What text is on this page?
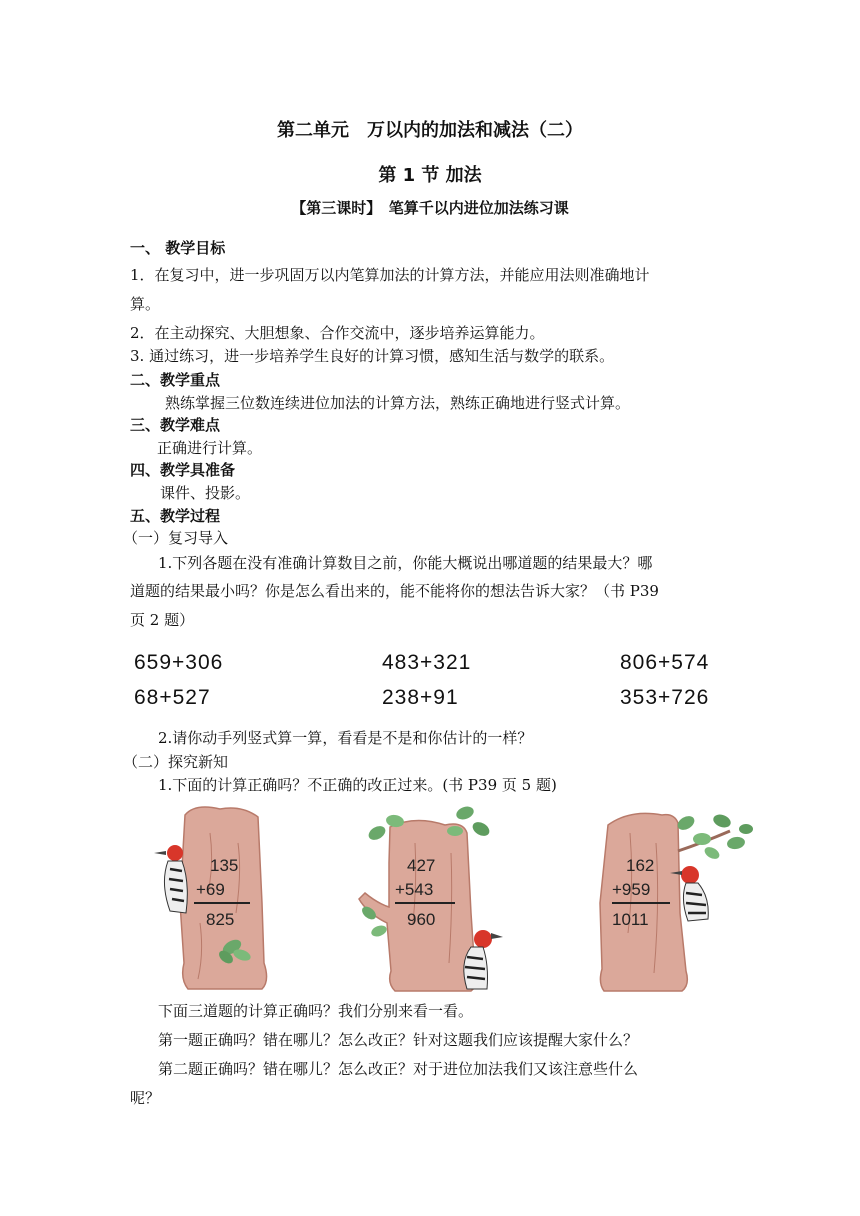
第二单元　万以内的加法和减法（二）
第 1 节 加法
【第三课时】　笔算千以内进位加法练习课
一、 教学目标
1．在复习中，进一步巩固万以内笔算加法的计算方法，并能应用法则准确地计
算。
2．在主动探究、大胆想象、合作交流中，逐步培养运算能力。
3. 通过练习，进一步培养学生良好的计算习惯，感知生活与数学的联系。
二、教学重点
熟练掌握三位数连续进位加法的计算方法，熟练正确地进行竖式计算。
三、教学难点
正确进行计算。
四、教学具准备
课件、投影。
五、教学过程
（一）复习导入
1.下列各题在没有准确计算数目之前，你能大概说出哪道题的结果最大？哪
道题的结果最小吗？你是怎么看出来的，能不能将你的想法告诉大家？（书 P39
页 2 题）
659+306	483+321	806+574
68+527	238+91	353+726
2.请你动手列竖式算一算，看看是不是和你估计的一样？
（二）探究新知
1.下面的计算正确吗？不正确的改正过来。(书 P39 页 5 题)
135
+69
825
427
+543
960
162
+959
1011
下面三道题的计算正确吗？我们分别来看一看。
第一题正确吗？错在哪儿？怎么改正？针对这题我们应该提醒大家什么？
第二题正确吗？错在哪儿？怎么改正？对于进位加法我们又该注意些什么
呢？
